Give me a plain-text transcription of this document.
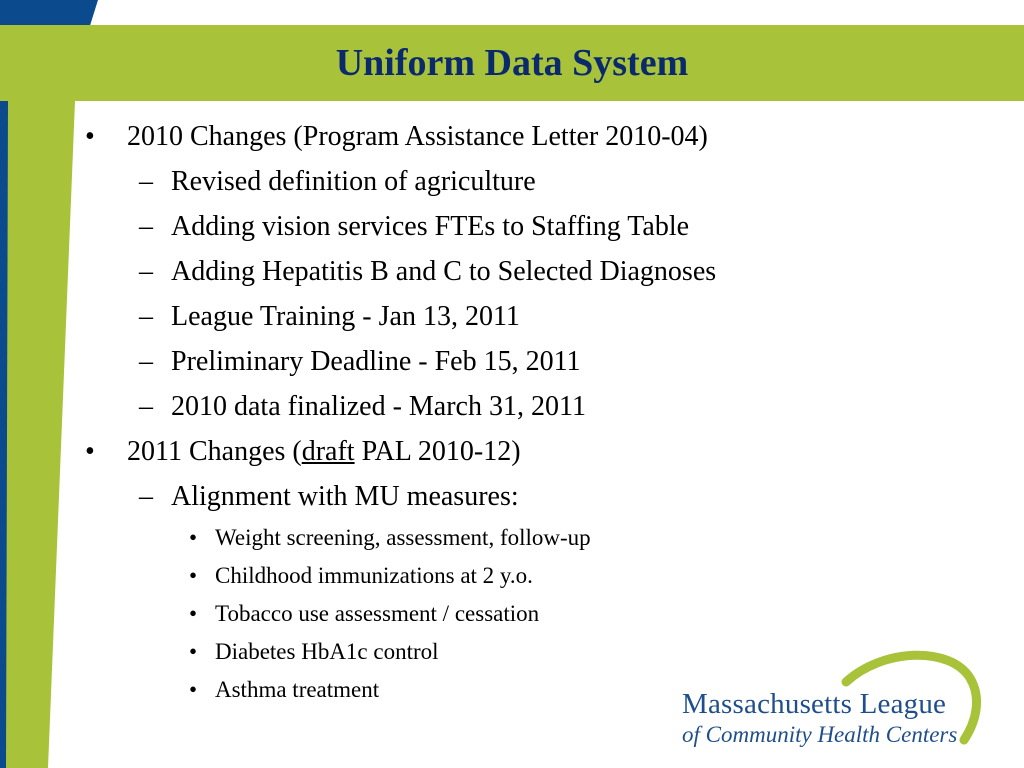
Uniform Data System
• 2010 Changes (Program Assistance Letter 2010-04)
– Revised definition of agriculture
– Adding vision services FTEs to Staffing Table
– Adding Hepatitis B and C to Selected Diagnoses
– League Training - Jan 13, 2011
– Preliminary Deadline - Feb 15, 2011
– 2010 data finalized - March 31, 2011
• 2011 Changes (draft PAL 2010-12)
– Alignment with MU measures:
• Weight screening, assessment, follow-up
• Childhood immunizations at 2 y.o.
• Tobacco use assessment / cessation
• Diabetes HbA1c control
• Asthma treatment	Massachusetts League
of Community Health Centers
